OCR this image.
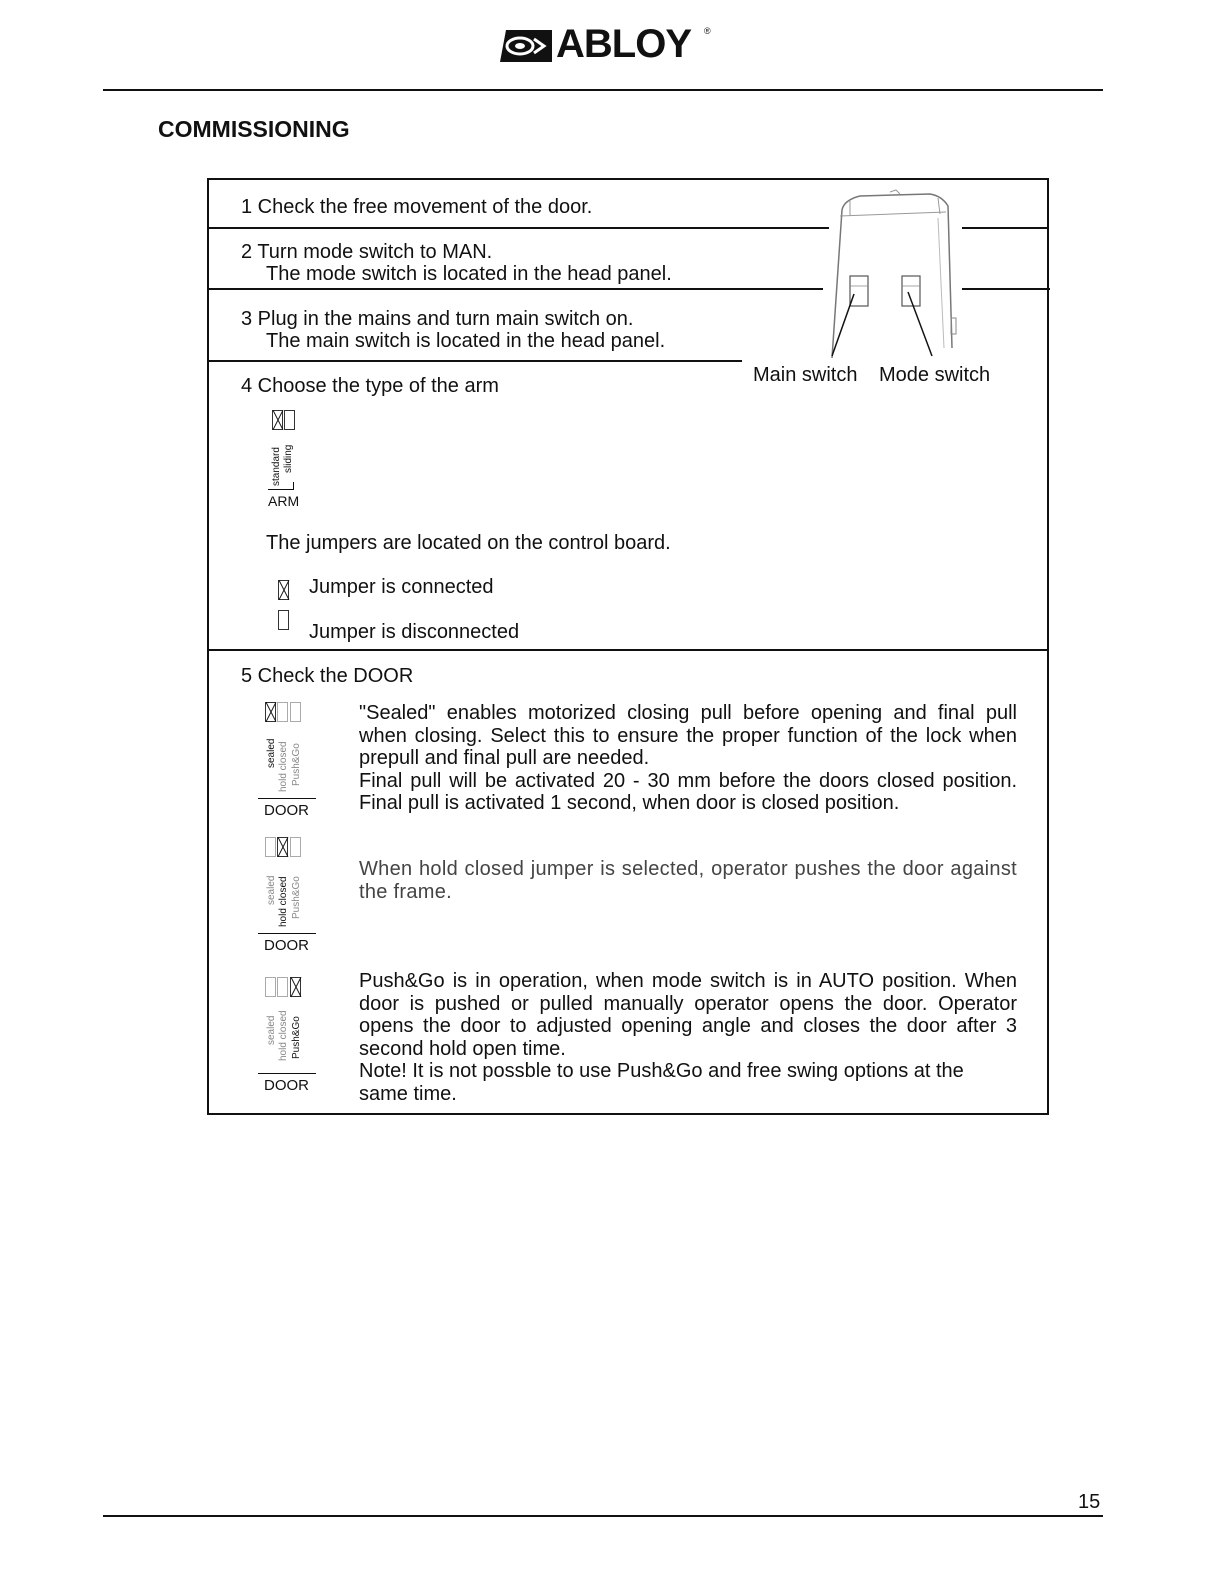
ABLOY ®
COMMISSIONING
1 Check the free movement of the door.
2 Turn mode switch to MAN.
The mode switch is located in the head panel.
3 Plug in the mains and turn main switch on.
The main switch is located in the head panel.
Main switch Mode switch
4 Choose the type of the arm
standard sliding
ARM
The jumpers are located on the control board.
Jumper is connected
Jumper is disconnected
5 Check the DOOR
sealed hold closed Push&Go
DOOR

"Sealed" enables motorized closing pull before opening and final pull when closing. Select this to ensure the proper function of the lock when prepull and final pull are needed.

Final pull will be activated 20 - 30 mm before the doors closed position. Final pull is activated 1 second, when door is closed position.

sealed hold closed Push&Go
DOOR

When hold closed jumper is selected, operator pushes the door against the frame.

sealed hold closed Push&Go
DOOR

Push&Go is in operation, when mode switch is in AUTO position. When door is pushed or pulled manually operator opens the door. Operator opens the door to adjusted opening angle and closes the door after 3 second hold open time.

Note! It is not possble to use Push&Go and free swing options at the same time.

15
